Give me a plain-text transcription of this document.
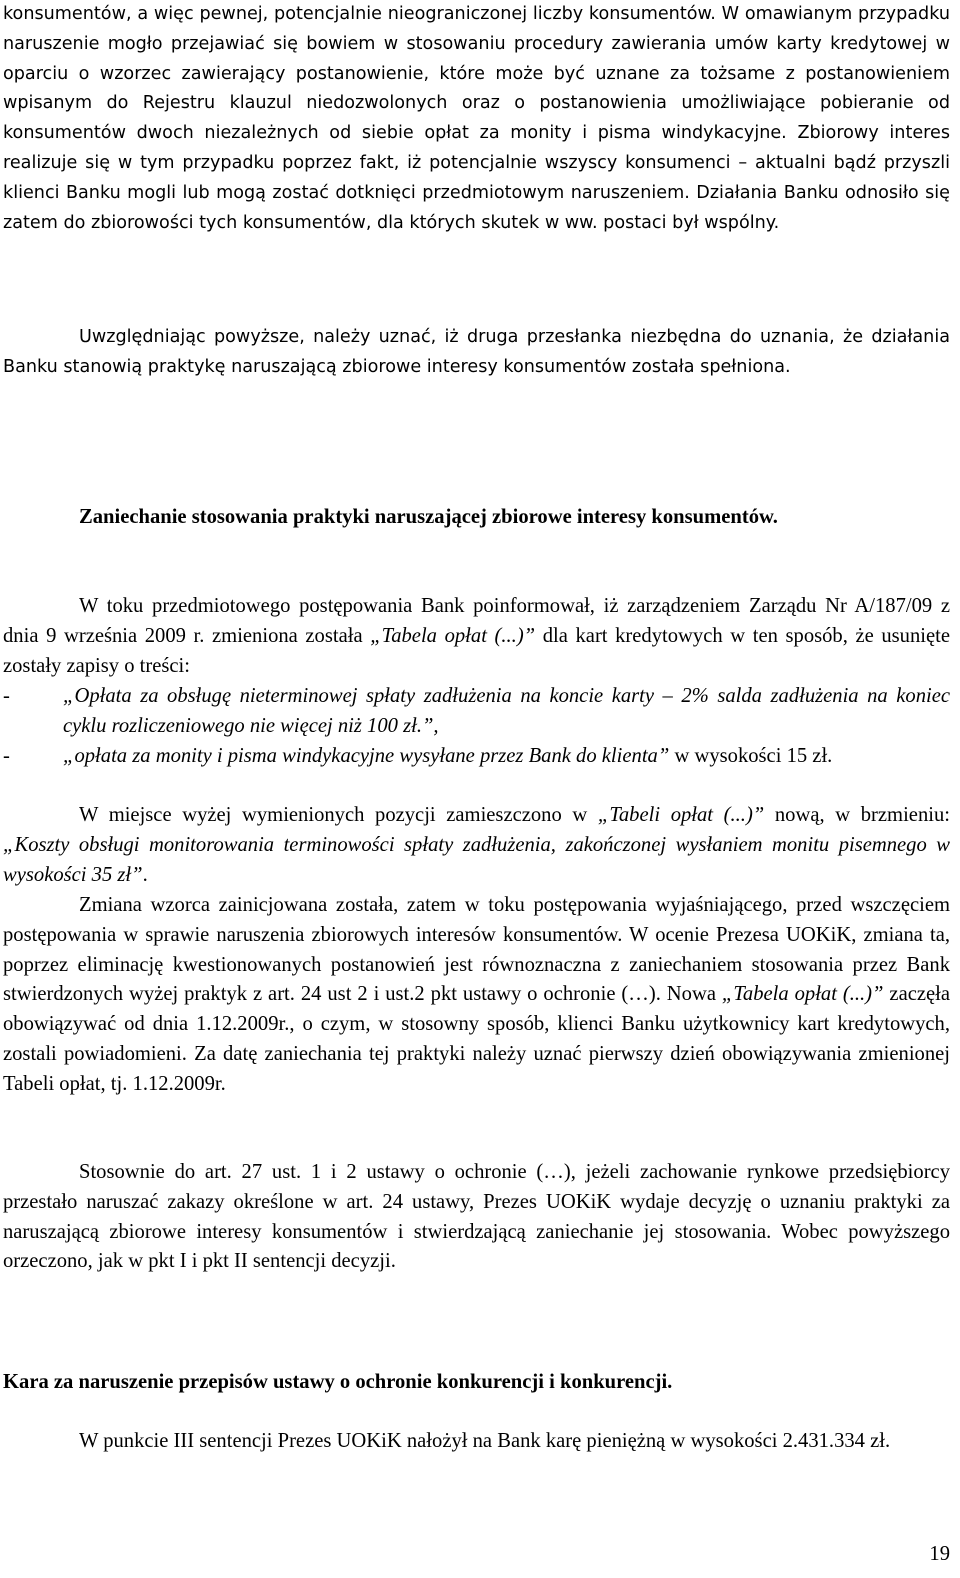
konsumentów, a więc pewnej, potencjalnie nieograniczonej liczby konsumentów. W omawianym przypadku naruszenie mogło przejawiać się bowiem w stosowaniu procedury zawierania umów karty kredytowej w oparciu o wzorzec zawierający postanowienie, które może być uznane za tożsame z postanowieniem wpisanym do Rejestru klauzul niedozwolonych oraz o postanowienia umożliwiające pobieranie od konsumentów dwoch niezależnych od siebie opłat za monity i pisma windykacyjne. Zbiorowy interes realizuje się w tym przypadku poprzez fakt, iż potencjalnie wszyscy konsumenci – aktualni bądź przyszli klienci Banku mogli lub mogą zostać dotknięci przedmiotowym naruszeniem. Działania Banku odnosiło się zatem do zbiorowości tych konsumentów, dla których skutek w ww. postaci był wspólny.
Uwzględniając powyższe, należy uznać, iż druga przesłanka niezbędna do uznania, że działania Banku stanowią praktykę naruszającą zbiorowe interesy konsumentów została spełniona.
Zaniechanie stosowania praktyki naruszającej zbiorowe interesy konsumentów.
W toku przedmiotowego postępowania Bank poinformował, iż zarządzeniem Zarządu Nr A/187/09 z dnia 9 września 2009 r. zmieniona została „Tabela opłat (...)” dla kart kredytowych w ten sposób, że usunięte zostały zapisy o treści:
-	„Opłata za obsługę nieterminowej spłaty zadłużenia na koncie karty – 2% salda zadłużenia na koniec cyklu rozliczeniowego nie więcej niż 100 zł.”,
-	„opłata za monity i pisma windykacyjne wysyłane przez Bank do klienta” w wysokości 15 zł.
W miejsce wyżej wymienionych pozycji zamieszczono w „Tabeli opłat (...)” nową, w brzmieniu: „Koszty obsługi monitorowania terminowości spłaty zadłużenia, zakończonej wysłaniem monitu pisemnego w wysokości 35 zł”.
Zmiana wzorca zainicjowana została, zatem w toku postępowania wyjaśniającego, przed wszczęciem postępowania w sprawie naruszenia zbiorowych interesów konsumentów. W ocenie Prezesa UOKiK, zmiana ta, poprzez eliminację kwestionowanych postanowień jest równoznaczna z zaniechaniem stosowania przez Bank stwierdzonych wyżej praktyk z art. 24 ust 2 i ust.2 pkt ustawy o ochronie (…). Nowa „Tabela opłat (...)” zaczęła obowiązywać od dnia 1.12.2009r., o czym, w stosowny sposób, klienci Banku użytkownicy kart kredytowych, zostali powiadomieni. Za datę zaniechania tej praktyki należy uznać pierwszy dzień obowiązywania zmienionej Tabeli opłat, tj. 1.12.2009r.
Stosownie do art. 27 ust. 1 i 2 ustawy o ochronie (…), jeżeli zachowanie rynkowe przedsiębiorcy przestało naruszać zakazy określone w art. 24 ustawy, Prezes UOKiK wydaje decyzję o uznaniu praktyki za naruszającą zbiorowe interesy konsumentów i stwierdzającą zaniechanie jej stosowania. Wobec powyższego orzeczono, jak w pkt I i pkt II sentencji decyzji.
Kara za naruszenie przepisów ustawy o ochronie konkurencji i konkurencji.
W punkcie III sentencji Prezes UOKiK nałożył na Bank karę pieniężną w wysokości 2.431.334 zł.
19
